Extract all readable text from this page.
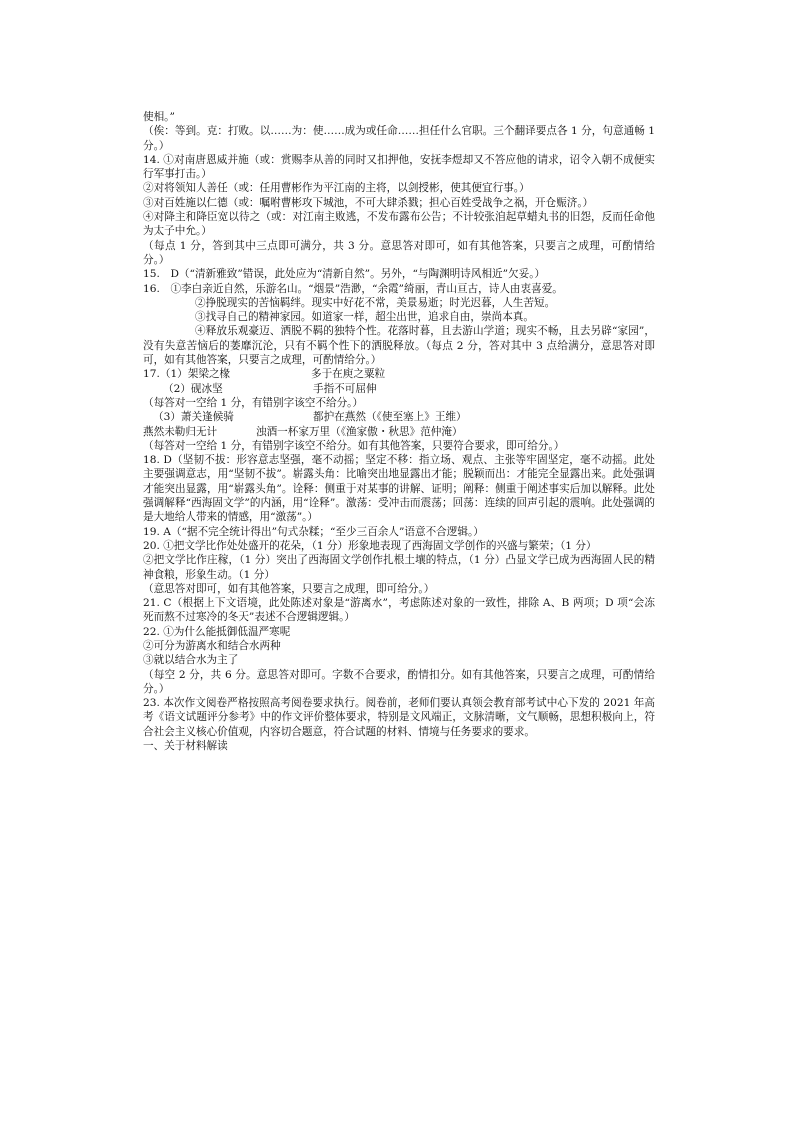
使相。”
（俟：等到。克：打败。以……为：使……成为或任命……担任什么官职。三个翻译要点各 1 分，句意通畅 1 分。）
14. ①对南唐恩威并施（或：赏赐李从善的同时又扣押他，安抚李煜却又不答应他的请求，诏令入朝不成便实行军事打击。）
②对将领知人善任（或：任用曹彬作为平江南的主将，以剑授彬，使其便宜行事。）
③对百姓施以仁德（或：嘱咐曹彬攻下城池，不可大肆杀戮；担心百姓受战争之祸，开仓赈济。）
④对降主和降臣宽以待之（或：对江南主败逃，不发布露布公告；不计较张洎起草蜡丸书的旧怨，反而任命他为太子中允。）
（每点 1 分，答到其中三点即可满分，共 3 分。意思答对即可，如有其他答案，只要言之成理，可酌情给分。）
15.　D（“清新雅致”错误，此处应为“清新自然”。另外，“与陶渊明诗风相近”欠妥。）
16.　①李白亲近自然，乐游名山。“烟景”浩渺，“余霞”绮丽，青山亘古，诗人由衷喜爱。
②挣脱现实的苦恼羁绊。现实中好花不常，美景易逝；时光迟暮，人生苦短。
③找寻自己的精神家园。如道家一样，超尘出世，追求自由，崇尚本真。
④释放乐观豪迈、洒脱不羁的独特个性。花落时暮，且去游山学道；现实不畅，且去另辟“家园”，没有失意苦恼后的萎靡沉沦，只有不羁个性下的洒脱释放。（每点 2 分，答对其中 3 点给满分，意思答对即可，如有其他答案，只要言之成理，可酌情给分。）
17.（1）架梁之椽	多于在庾之粟粒
（2）砚冰坚	手指不可屈伸
（每答对一空给 1 分，有错别字该空不给分。）
（3）萧关逢候骑	都护在燕然（《使至塞上》王维）
燕然未勒归无计	浊酒一杯家万里（《渔家傲・秋思》范仲淹）
（每答对一空给 1 分，有错别字该空不给分。如有其他答案，只要符合要求，即可给分。）
18. D（坚韧不拔：形容意志坚强，毫不动摇；坚定不移：指立场、观点、主张等牢固坚定，毫不动摇。此处主要强调意志，用“坚韧不拔”。崭露头角：比喻突出地显露出才能；脱颖而出：才能完全显露出来。此处强调才能突出显露，用“崭露头角”。诠释：侧重于对某事的讲解、证明；阐释：侧重于阐述事实后加以解释。此处强调解释“西海固文学”的内涵，用“诠释”。激荡：受冲击而震荡；回荡：连续的回声引起的震响。此处强调的是大地给人带来的情感，用“激荡”。）
19. A（“据不完全统计得出”句式杂糅；“至少三百余人”语意不合逻辑。）
20. ①把文学比作处处盛开的花朵，（1 分）形象地表现了西海固文学创作的兴盛与繁荣；（1 分）
②把文学比作庄稼，（1 分）突出了西海固文学创作扎根土壤的特点，（1 分）凸显文学已成为西海固人民的精神食粮，形象生动。（1 分）
（意思答对即可，如有其他答案，只要言之成理，即可给分。）
21. C（根据上下文语境，此处陈述对象是“游离水”，考虑陈述对象的一致性，排除 A、B 两项；D 项“会冻死而熬不过寒冷的冬天”表述不合逻辑逻辑。）
22. ①为什么能抵御低温严寒呢
②可分为游离水和结合水两种
③就以结合水为主了
（每空 2 分，共 6 分。意思答对即可。字数不合要求，酌情扣分。如有其他答案，只要言之成理，可酌情给分。）
23. 本次作文阅卷严格按照高考阅卷要求执行。阅卷前，老师们要认真领会教育部考试中心下发的 2021 年高考《语文试题评分参考》中的作文评价整体要求，特别是文风端正，文脉清晰，文气顺畅，思想积极向上，符合社会主义核心价值观，内容切合题意，符合试题的材料、情境与任务要求的要求。
一、关于材料解读
